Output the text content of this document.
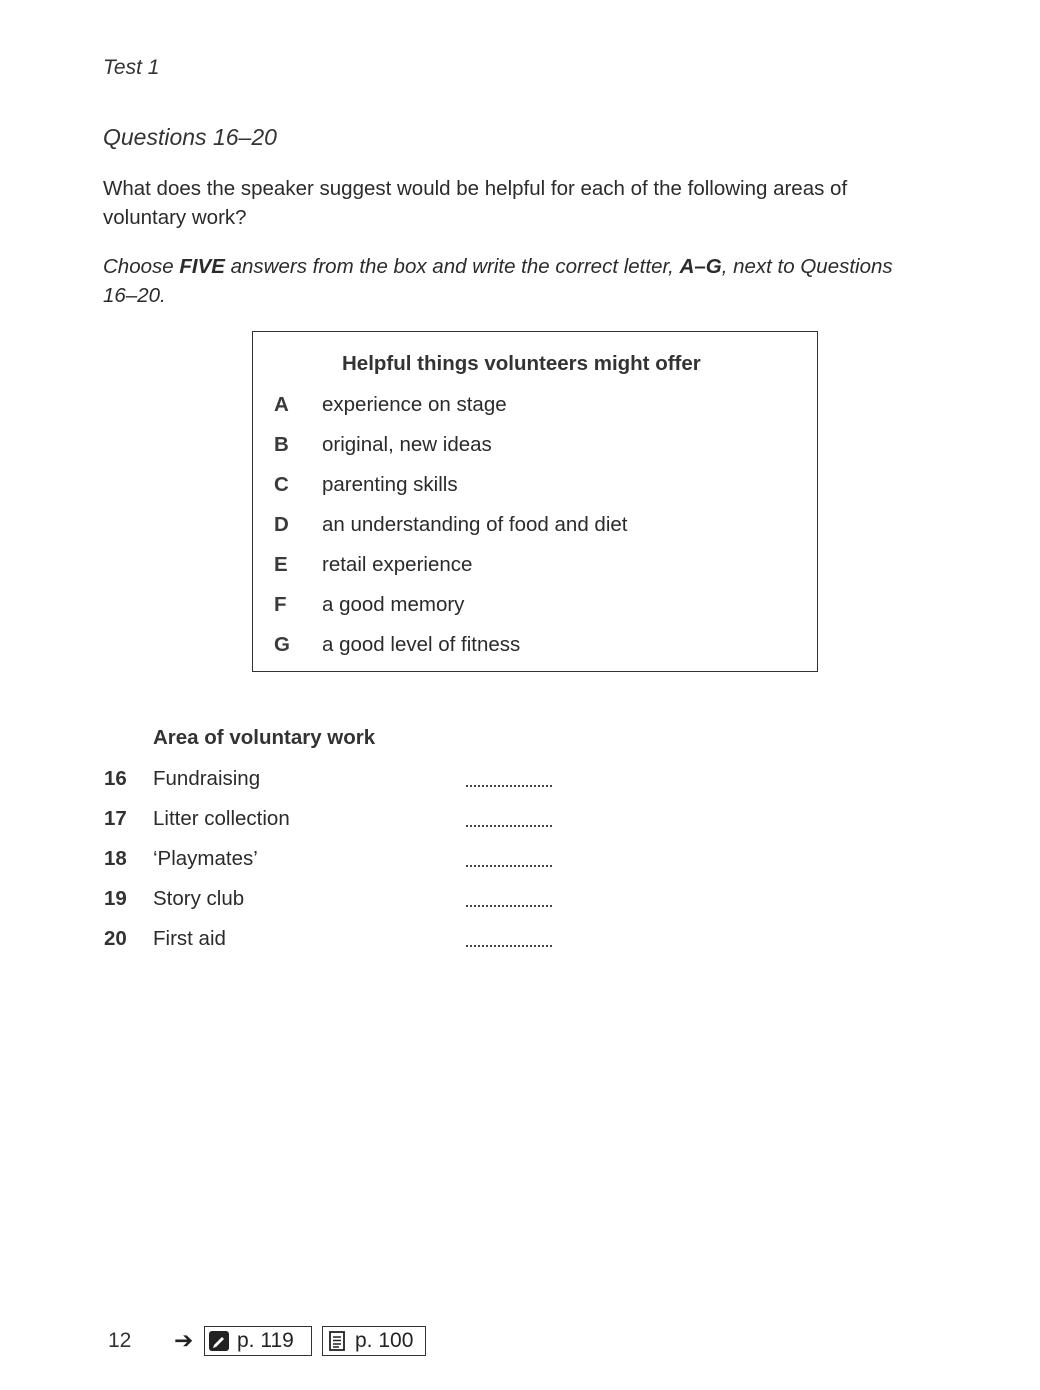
Test 1
Questions 16–20
What does the speaker suggest would be helpful for each of the following areas of voluntary work?
Choose FIVE answers from the box and write the correct letter, A–G, next to Questions 16–20.
Helpful things volunteers might offer
A	experience on stage
B	original, new ideas
C	parenting skills
D	an understanding of food and diet
E	retail experience
F	a good memory
G	a good level of fitness
Area of voluntary work
16 Fundraising
17 Litter collection
18 ‘Playmates’
19 Story club
20 First aid
12 ➔ p. 119	p. 100
